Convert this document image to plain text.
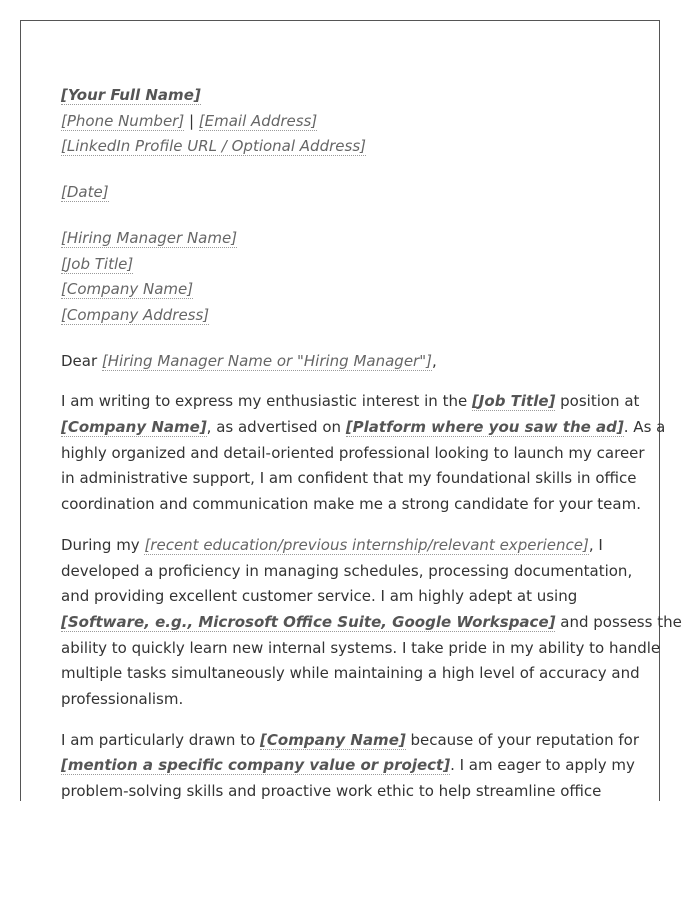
[Your Full Name]
[Phone Number] | [Email Address]
[LinkedIn Profile URL / Optional Address]
[Date]
[Hiring Manager Name]
[Job Title]
[Company Name]
[Company Address]
Dear [Hiring Manager Name or "Hiring Manager"],
I am writing to express my enthusiastic interest in the [Job Title] position at
[Company Name], as advertised on [Platform where you saw the ad]. As a
highly organized and detail-oriented professional looking to launch my career
in administrative support, I am confident that my foundational skills in office
coordination and communication make me a strong candidate for your team.
During my [recent education/previous internship/relevant experience], I
developed a proficiency in managing schedules, processing documentation,
and providing excellent customer service. I am highly adept at using
[Software, e.g., Microsoft Office Suite, Google Workspace] and possess the
ability to quickly learn new internal systems. I take pride in my ability to handle
multiple tasks simultaneously while maintaining a high level of accuracy and
professionalism.
I am particularly drawn to [Company Name] because of your reputation for
[mention a specific company value or project]. I am eager to apply my
problem-solving skills and proactive work ethic to help streamline office
